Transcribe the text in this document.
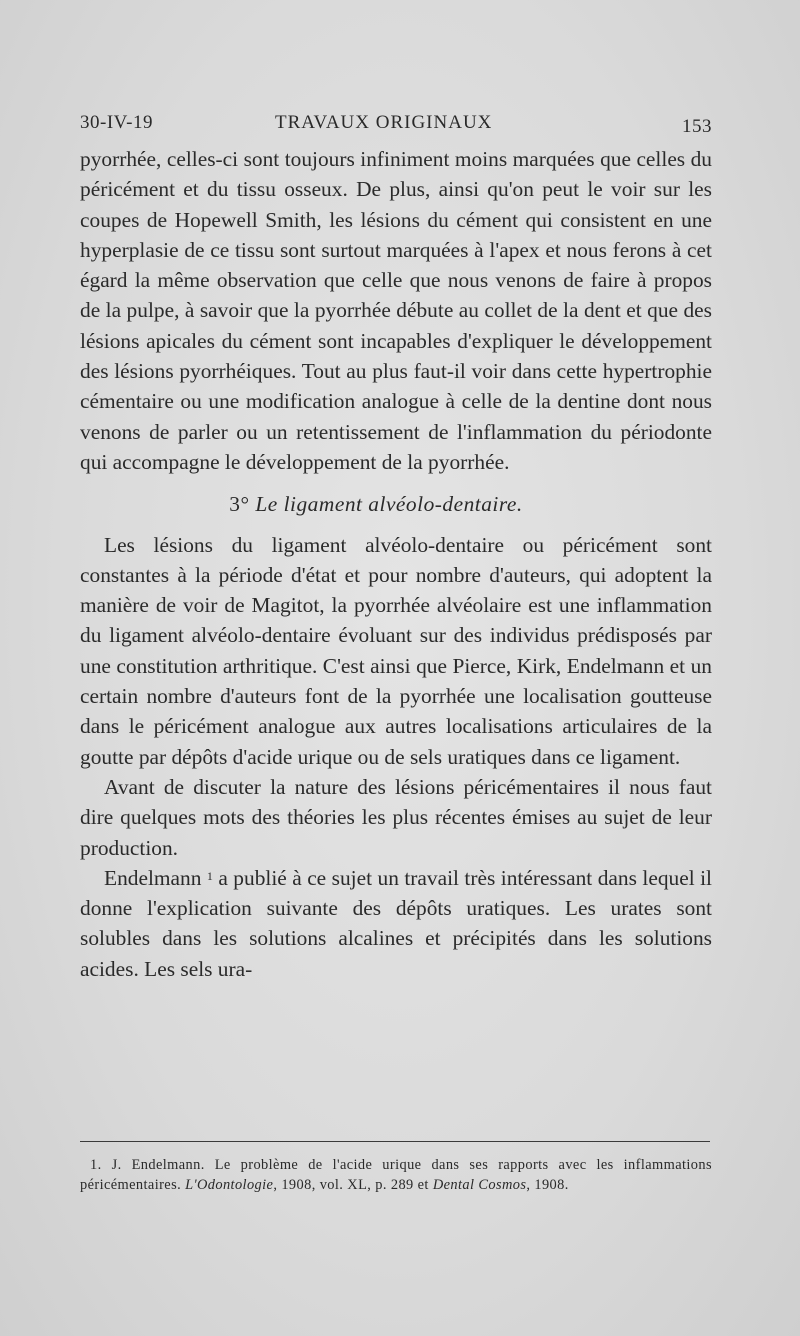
30-IV-19	TRAVAUX ORIGINAUX	153

pyorrhée, celles-ci sont toujours infiniment moins marquées que celles du péricément et du tissu osseux. De plus, ainsi qu'on peut le voir sur les coupes de Hopewell Smith, les lésions du cément qui consistent en une hyperplasie de ce tissu sont surtout marquées à l'apex et nous ferons à cet égard la même observation que celle que nous venons de faire à propos de la pulpe, à savoir que la pyorrhée débute au collet de la dent et que des lésions apicales du cément sont incapables d'expliquer le développement des lésions pyorrhéiques. Tout au plus faut-il voir dans cette hypertrophie cémentaire ou une modification analogue à celle de la dentine dont nous venons de parler ou un retentissement de l'inflammation du périodonte qui accompagne le développement de la pyorrhée.

3° Le ligament alvéolo-dentaire.

Les lésions du ligament alvéolo-dentaire ou péricément sont constantes à la période d'état et pour nombre d'auteurs, qui adoptent la manière de voir de Magitot, la pyorrhée alvéolaire est une inflammation du ligament alvéolo-dentaire évoluant sur des individus prédisposés par une constitution arthritique. C'est ainsi que Pierce, Kirk, Endelmann et un certain nombre d'auteurs font de la pyorrhée une localisation goutteuse dans le péricément analogue aux autres localisations articulaires de la goutte par dépôts d'acide urique ou de sels uratiques dans ce ligament.

Avant de discuter la nature des lésions péricémentaires il nous faut dire quelques mots des théories les plus récentes émises au sujet de leur production.

Endelmann $^1$ a publié à ce sujet un travail très intéressant dans lequel il donne l'explication suivante des dépôts uratiques. Les urates sont solubles dans les solutions alcalines et précipités dans les solutions acides. Les sels ura-

1. J. Endelmann. Le problème de l'acide urique dans ses rapports avec les inflammations péricémentaires. L'Odontologie, 1908, vol. XL, p. 289 et Dental Cosmos, 1908.
